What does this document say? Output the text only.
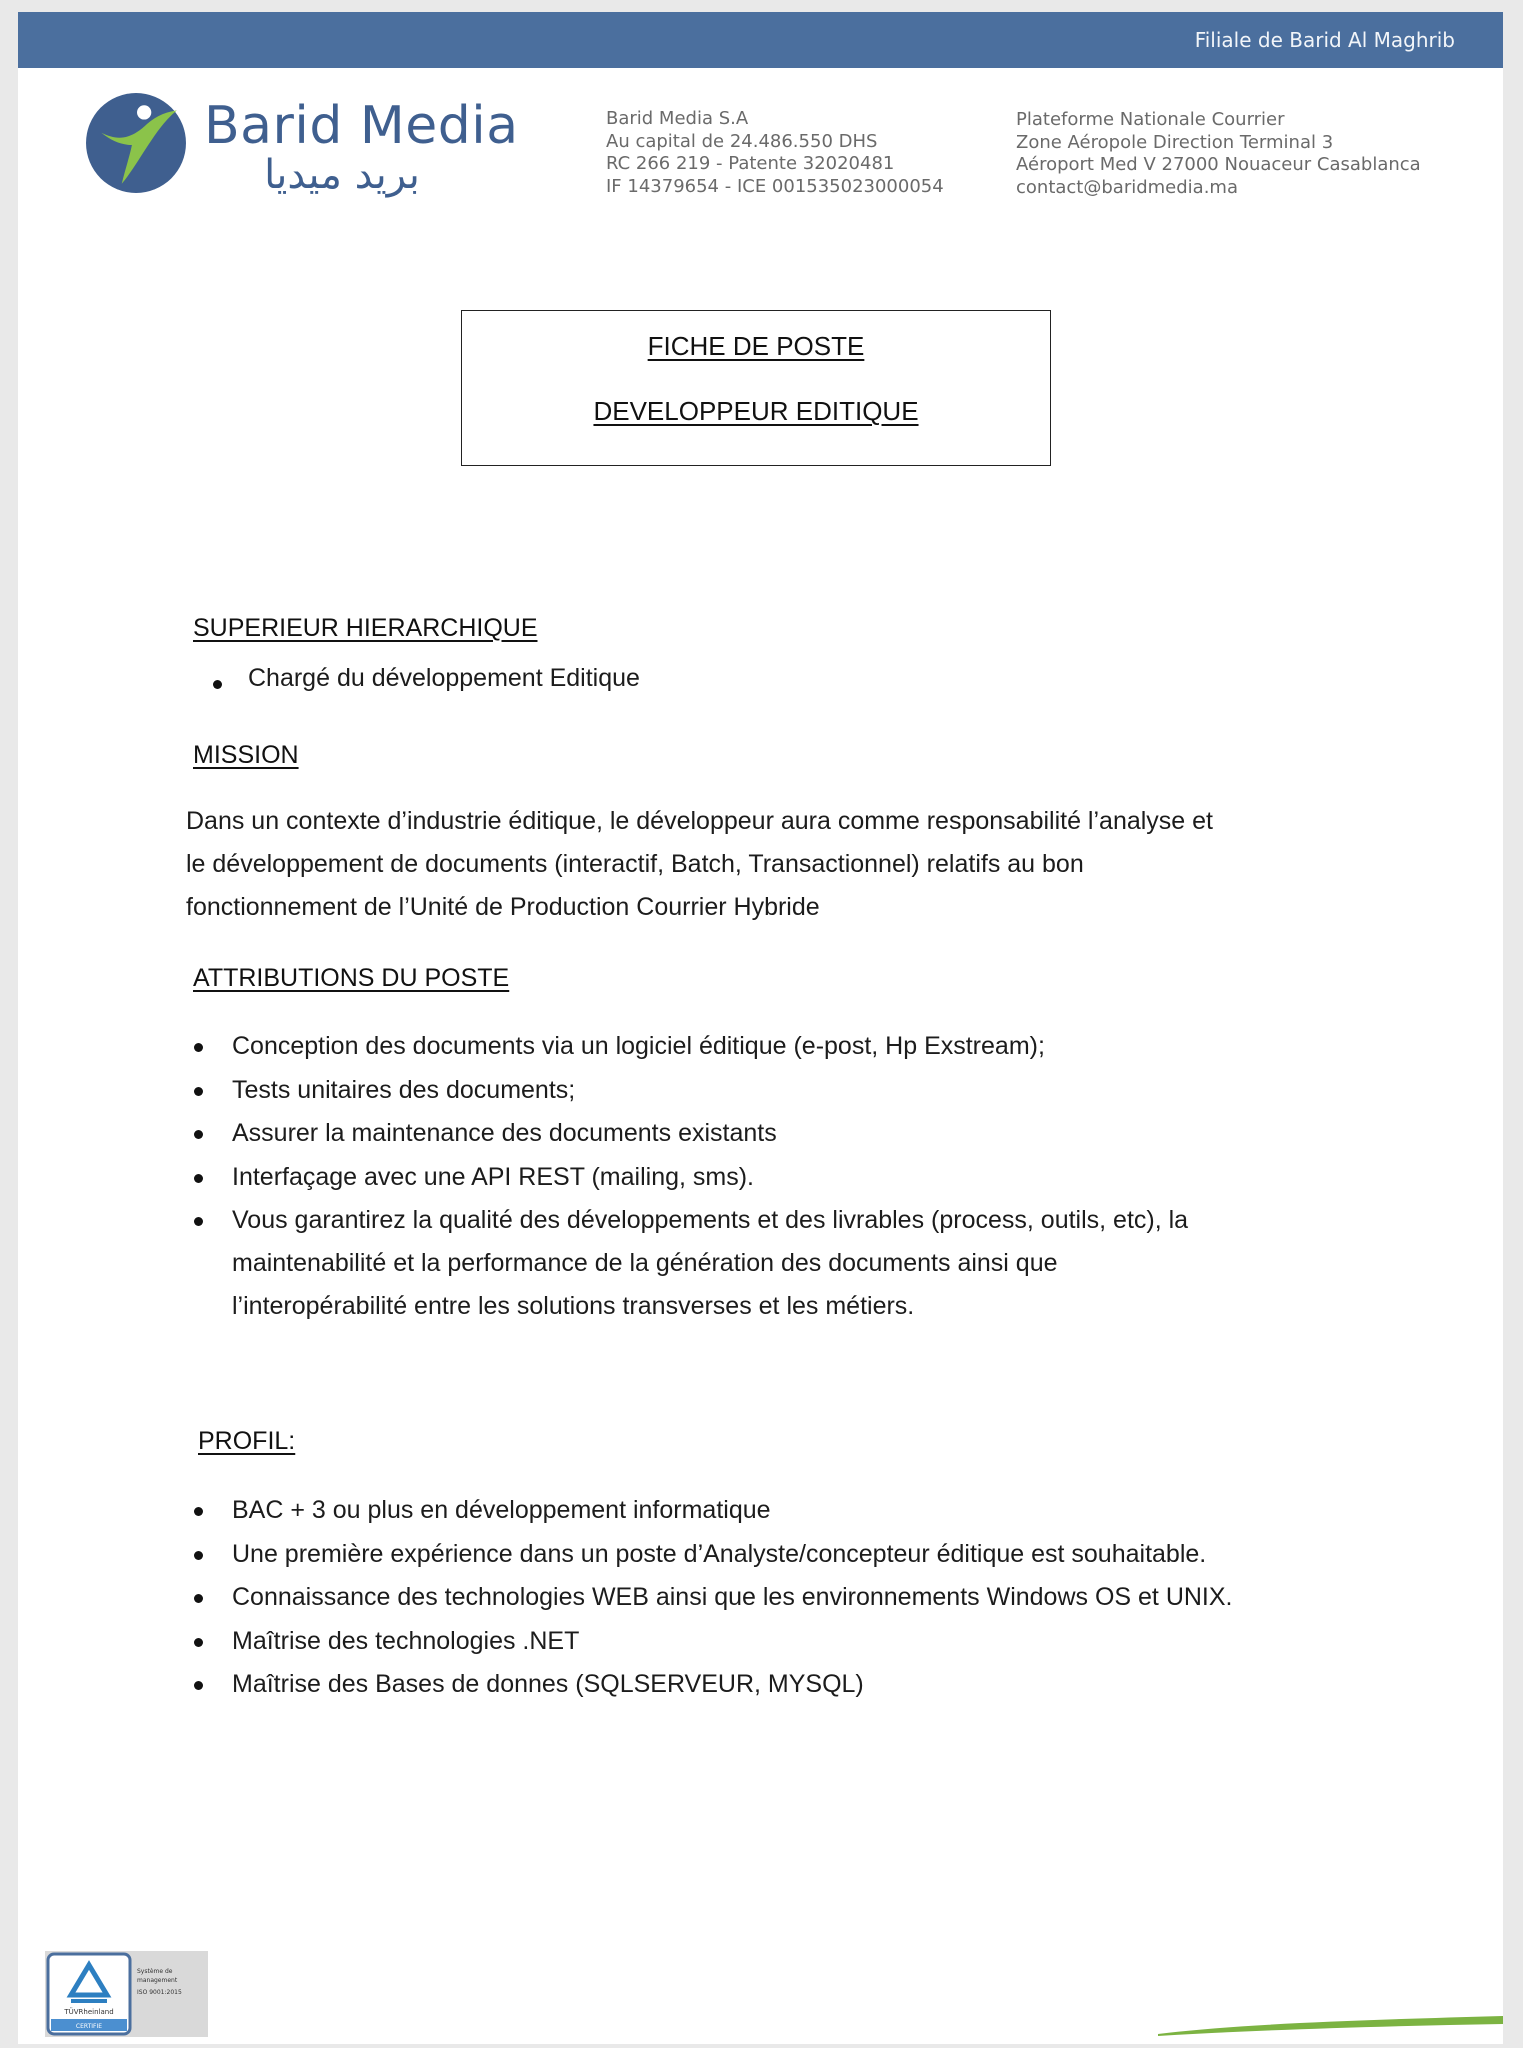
Filiale de Barid Al Maghrib
Barid Media
بريد ميديا
Barid Media S.A
Au capital de 24.486.550 DHS
RC 266 219 - Patente 32020481
IF 14379654 - ICE 001535023000054
Plateforme Nationale Courrier
Zone Aéropole Direction Terminal 3
Aéroport Med V 27000 Nouaceur Casablanca
contact@baridmedia.ma
FICHE DE POSTE
DEVELOPPEUR EDITIQUE
SUPERIEUR HIERARCHIQUE
Chargé du développement Editique
MISSION
Dans un contexte d’industrie éditique, le développeur aura comme responsabilité l’analyse et
le développement de documents (interactif, Batch, Transactionnel) relatifs au bon
fonctionnement de l’Unité de Production Courrier Hybride
ATTRIBUTIONS DU POSTE
Conception des documents via un logiciel éditique (e-post, Hp Exstream);
Tests unitaires des documents;
Assurer la maintenance des documents existants
Interfaçage avec une API REST (mailing, sms).
Vous garantirez la qualité des développements et des livrables (process, outils, etc), la
maintenabilité et la performance de la génération des documents ainsi que
l’interopérabilité entre les solutions transverses et les métiers.
PROFIL:
BAC + 3 ou plus en développement informatique
Une première expérience dans un poste d’Analyste/concepteur éditique est souhaitable.
Connaissance des technologies WEB ainsi que les environnements Windows OS et UNIX.
Maîtrise des technologies .NET
Maîtrise des Bases de donnes (SQLSERVEUR, MYSQL)
TÜVRheinland
CERTIFIE
Système de
management
ISO 9001:2015
